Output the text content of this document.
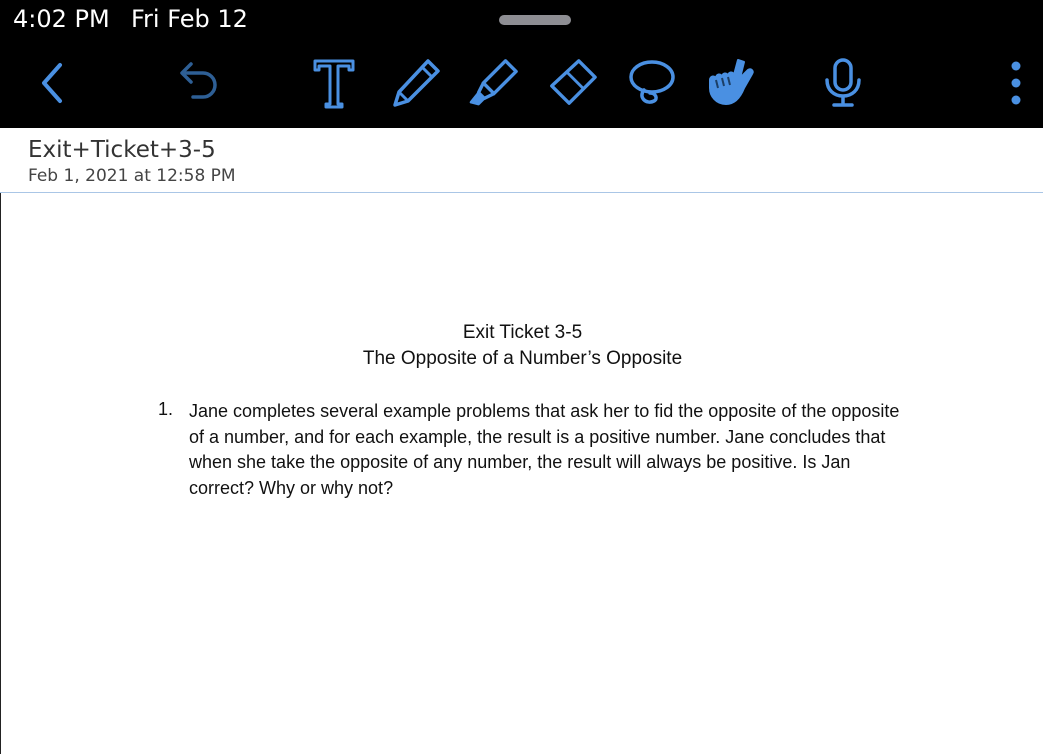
4:02 PM Fri Feb 12
Exit+Ticket+3-5
Feb 1, 2021 at 12:58 PM
Exit Ticket 3-5
The Opposite of a Number’s Opposite
1. Jane completes several example problems that ask her to fid the opposite of the opposite of a number, and for each example, the result is a positive number. Jane concludes that when she take the opposite of any number, the result will always be positive. Is Jan correct? Why or why not?
